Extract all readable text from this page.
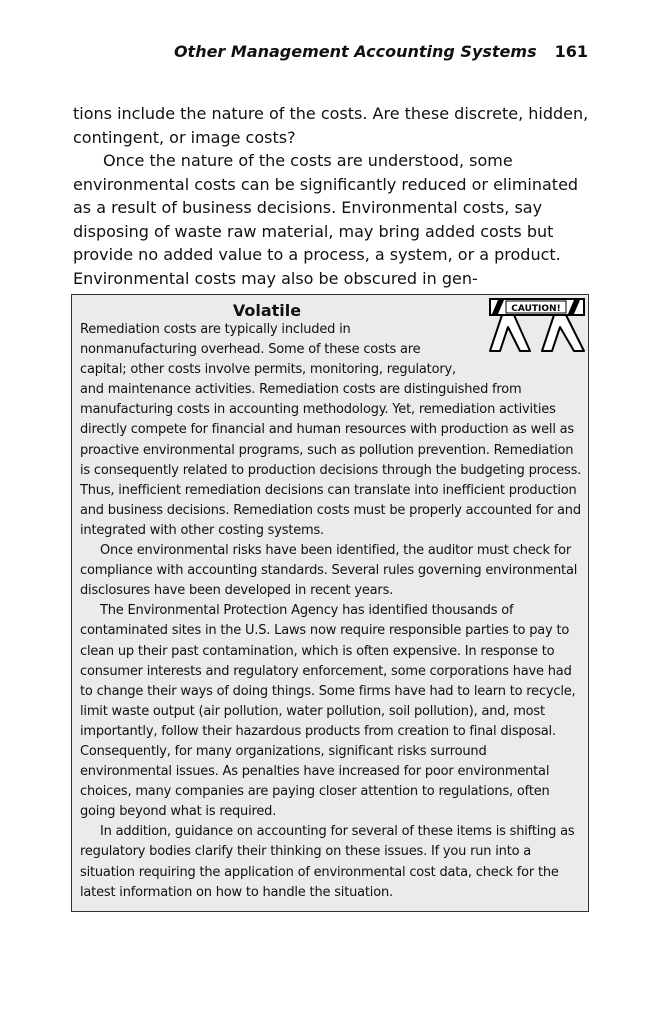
Other Management Accounting Systems 161

tions include the nature of the costs. Are these discrete, hidden, contingent, or image costs?

Once the nature of the costs are understood, some environmental costs can be significantly reduced or eliminated as a result of business decisions. Environmental costs, say disposing of waste raw material, may bring added costs but provide no added value to a process, a system, or a product. Environmental costs may also be obscured in gen-

Volatile	CAUTION!

Remediation costs are typically included in nonmanufacturing overhead. Some of these costs are capital; other costs involve permits, monitoring, regulatory, and maintenance activities. Remediation costs are distinguished from manufacturing costs in accounting methodology. Yet, remediation activities directly compete for financial and human resources with production as well as proactive environmental programs, such as pollution prevention. Remediation is consequently related to production decisions through the budgeting process. Thus, inefficient remediation decisions can translate into inefficient production and business decisions. Remediation costs must be properly accounted for and integrated with other costing systems.

Once environmental risks have been identified, the auditor must check for compliance with accounting standards. Several rules governing environmental disclosures have been developed in recent years.

The Environmental Protection Agency has identified thousands of contaminated sites in the U.S. Laws now require responsible parties to pay to clean up their past contamination, which is often expensive. In response to consumer interests and regulatory enforcement, some corporations have had to change their ways of doing things. Some firms have had to learn to recycle, limit waste output (air pollution, water pollution, soil pollution), and, most importantly, follow their hazardous products from creation to final disposal. Consequently, for many organizations, significant risks surround environmental issues. As penalties have increased for poor environmental choices, many companies are paying closer attention to regulations, often going beyond what is required.

In addition, guidance on accounting for several of these items is shifting as regulatory bodies clarify their thinking on these issues. If you run into a situation requiring the application of environmental cost data, check for the latest information on how to handle the situation.
